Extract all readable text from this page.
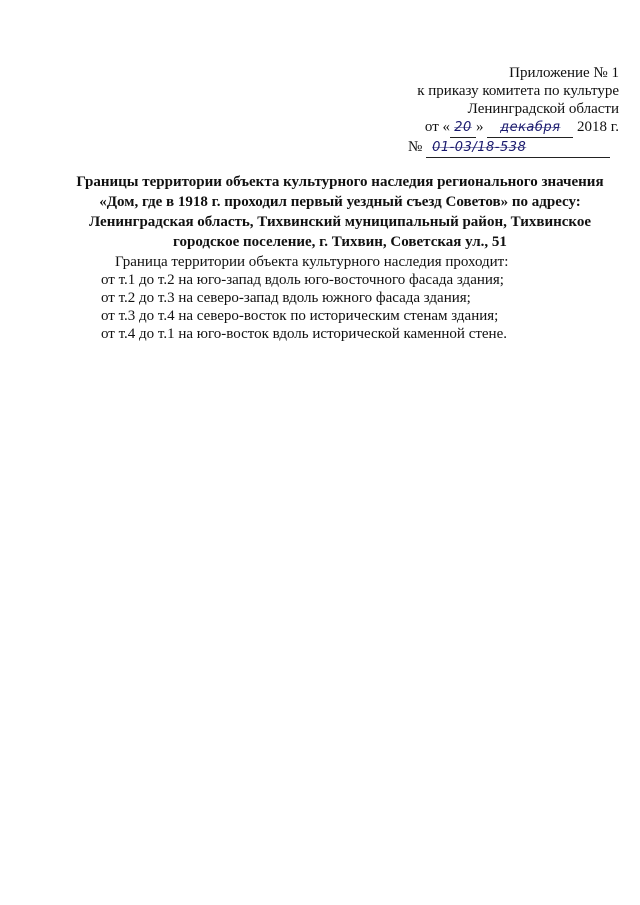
Приложение № 1
к приказу комитета по культуре
Ленинградской области
от « 20 » декабря 2018 г.
№ 01-03/18-538
Границы территории объекта культурного наследия регионального значения
«Дом, где в 1918 г. проходил первый уездный съезд Советов» по адресу:
Ленинградская область, Тихвинский муниципальный район, Тихвинское
городское поселение, г. Тихвин, Советская ул., 51
Граница территории объекта культурного наследия проходит:
от т.1 до т.2 на юго-запад вдоль юго-восточного фасада здания;
от т.2 до т.3 на северо-запад вдоль южного фасада здания;
от т.3 до т.4 на северо-восток по историческим стенам здания;
от т.4 до т.1 на юго-восток вдоль исторической каменной стене.
